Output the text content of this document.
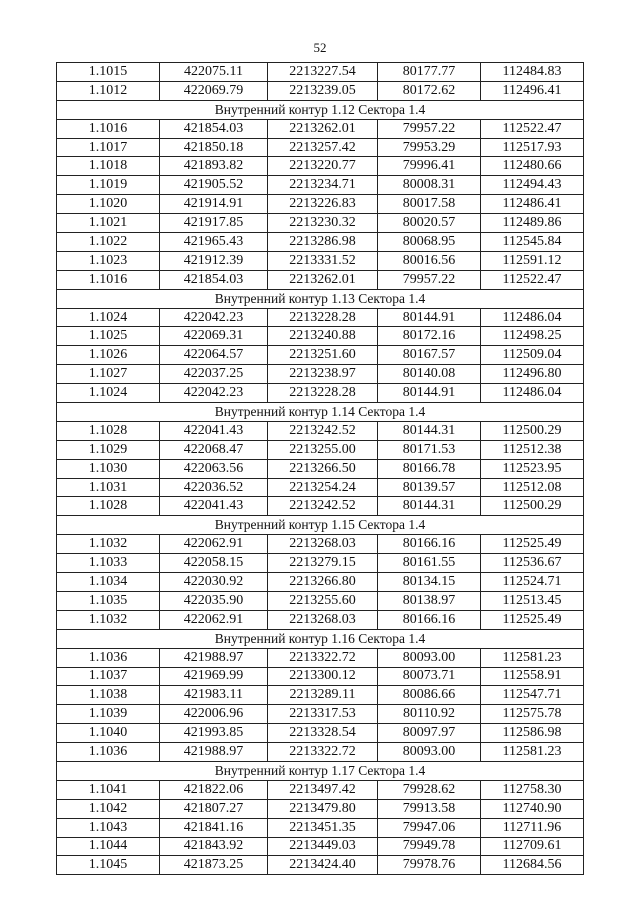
52
1.1015	422075.11	2213227.54	80177.77	112484.83
1.1012	422069.79	2213239.05	80172.62	112496.41
Внутренний контур 1.12 Сектора 1.4				
1.1016	421854.03	2213262.01	79957.22	112522.47
1.1017	421850.18	2213257.42	79953.29	112517.93
1.1018	421893.82	2213220.77	79996.41	112480.66
1.1019	421905.52	2213234.71	80008.31	112494.43
1.1020	421914.91	2213226.83	80017.58	112486.41
1.1021	421917.85	2213230.32	80020.57	112489.86
1.1022	421965.43	2213286.98	80068.95	112545.84
1.1023	421912.39	2213331.52	80016.56	112591.12
1.1016	421854.03	2213262.01	79957.22	112522.47
Внутренний контур 1.13 Сектора 1.4				
1.1024	422042.23	2213228.28	80144.91	112486.04
1.1025	422069.31	2213240.88	80172.16	112498.25
1.1026	422064.57	2213251.60	80167.57	112509.04
1.1027	422037.25	2213238.97	80140.08	112496.80
1.1024	422042.23	2213228.28	80144.91	112486.04
Внутренний контур 1.14 Сектора 1.4				
1.1028	422041.43	2213242.52	80144.31	112500.29
1.1029	422068.47	2213255.00	80171.53	112512.38
1.1030	422063.56	2213266.50	80166.78	112523.95
1.1031	422036.52	2213254.24	80139.57	112512.08
1.1028	422041.43	2213242.52	80144.31	112500.29
Внутренний контур 1.15 Сектора 1.4				
1.1032	422062.91	2213268.03	80166.16	112525.49
1.1033	422058.15	2213279.15	80161.55	112536.67
1.1034	422030.92	2213266.80	80134.15	112524.71
1.1035	422035.90	2213255.60	80138.97	112513.45
1.1032	422062.91	2213268.03	80166.16	112525.49
Внутренний контур 1.16 Сектора 1.4				
1.1036	421988.97	2213322.72	80093.00	112581.23
1.1037	421969.99	2213300.12	80073.71	112558.91
1.1038	421983.11	2213289.11	80086.66	112547.71
1.1039	422006.96	2213317.53	80110.92	112575.78
1.1040	421993.85	2213328.54	80097.97	112586.98
1.1036	421988.97	2213322.72	80093.00	112581.23
Внутренний контур 1.17 Сектора 1.4				
1.1041	421822.06	2213497.42	79928.62	112758.30
1.1042	421807.27	2213479.80	79913.58	112740.90
1.1043	421841.16	2213451.35	79947.06	112711.96
1.1044	421843.92	2213449.03	79949.78	112709.61
1.1045	421873.25	2213424.40	79978.76	112684.56
